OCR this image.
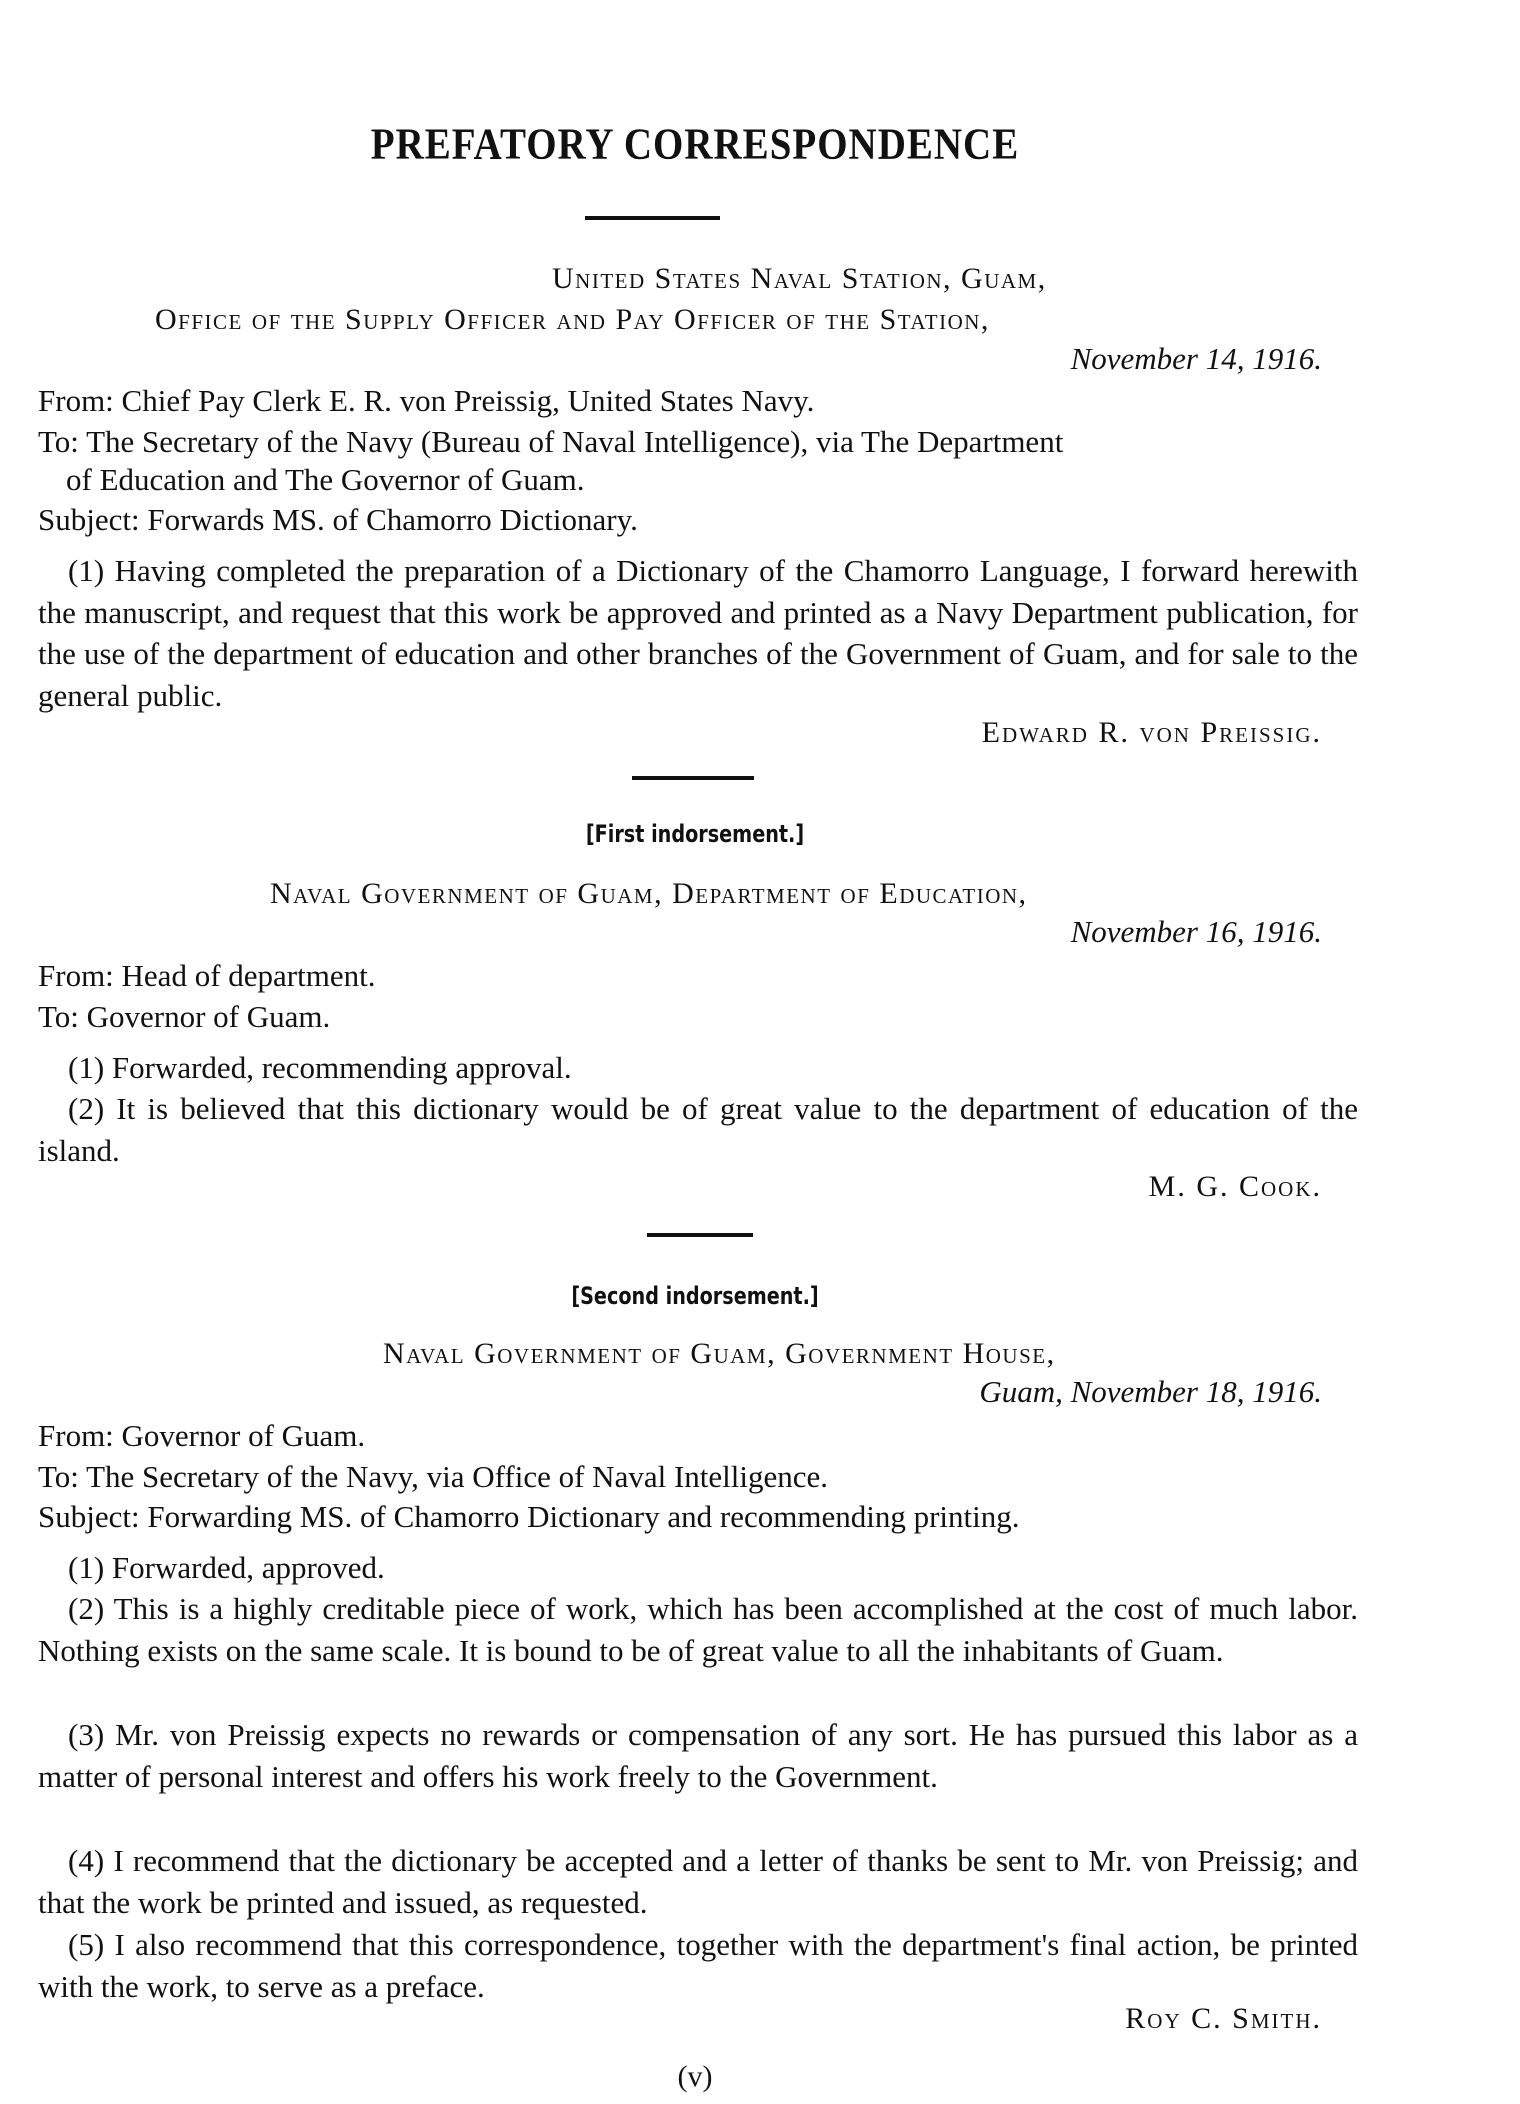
PREFATORY CORRESPONDENCE
United States Naval Station, Guam,
Office of the Supply Officer and Pay Officer of the Station,
November 14, 1916.
From: Chief Pay Clerk E. R. von Preissig, United States Navy.
To: The Secretary of the Navy (Bureau of Naval Intelligence), via The Department
of Education and The Governor of Guam.
Subject: Forwards MS. of Chamorro Dictionary.
(1) Having completed the preparation of a Dictionary of the Chamorro Language, I forward herewith the manuscript, and request that this work be approved and printed as a Navy Department publication, for the use of the department of education and other branches of the Government of Guam, and for sale to the general public.
Edward R. von Preissig.
[First indorsement.]
Naval Government of Guam, Department of Education,
November 16, 1916.
From: Head of department.
To: Governor of Guam.
(1) Forwarded, recommending approval.
(2) It is believed that this dictionary would be of great value to the department of education of the island.
M. G. Cook.
[Second indorsement.]
Naval Government of Guam, Government House,
Guam, November 18, 1916.
From: Governor of Guam.
To: The Secretary of the Navy, via Office of Naval Intelligence.
Subject: Forwarding MS. of Chamorro Dictionary and recommending printing.
(1) Forwarded, approved.
(2) This is a highly creditable piece of work, which has been accomplished at the cost of much labor. Nothing exists on the same scale. It is bound to be of great value to all the inhabitants of Guam.
(3) Mr. von Preissig expects no rewards or compensation of any sort. He has pursued this labor as a matter of personal interest and offers his work freely to the Government.
(4) I recommend that the dictionary be accepted and a letter of thanks be sent to Mr. von Preissig; and that the work be printed and issued, as requested.
(5) I also recommend that this correspondence, together with the department's final action, be printed with the work, to serve as a preface.
Roy C. Smith.
(v)
